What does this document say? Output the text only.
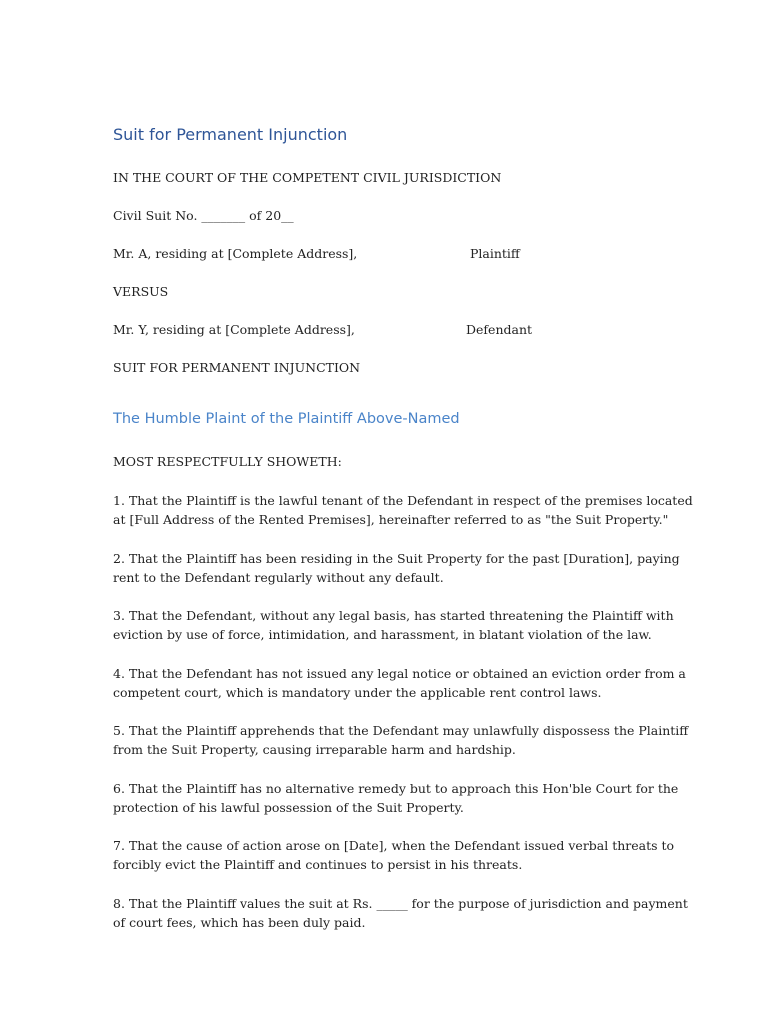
Suit for Permanent Injunction
IN THE COURT OF THE COMPETENT CIVIL JURISDICTION
Civil Suit No. _______ of 20__
Mr. A, residing at [Complete Address],	Plaintiff
VERSUS
Mr. Y, residing at [Complete Address],	Defendant
SUIT FOR PERMANENT INJUNCTION
The Humble Plaint of the Plaintiff Above-Named
MOST RESPECTFULLY SHOWETH:
1. That the Plaintiff is the lawful tenant of the Defendant in respect of the premises located
at [Full Address of the Rented Premises], hereinafter referred to as "the Suit Property."
2. That the Plaintiff has been residing in the Suit Property for the past [Duration], paying
rent to the Defendant regularly without any default.
3. That the Defendant, without any legal basis, has started threatening the Plaintiff with
eviction by use of force, intimidation, and harassment, in blatant violation of the law.
4. That the Defendant has not issued any legal notice or obtained an eviction order from a
competent court, which is mandatory under the applicable rent control laws.
5. That the Plaintiff apprehends that the Defendant may unlawfully dispossess the Plaintiff
from the Suit Property, causing irreparable harm and hardship.
6. That the Plaintiff has no alternative remedy but to approach this Hon'ble Court for the
protection of his lawful possession of the Suit Property.
7. That the cause of action arose on [Date], when the Defendant issued verbal threats to
forcibly evict the Plaintiff and continues to persist in his threats.
8. That the Plaintiff values the suit at Rs. _____ for the purpose of jurisdiction and payment
of court fees, which has been duly paid.
